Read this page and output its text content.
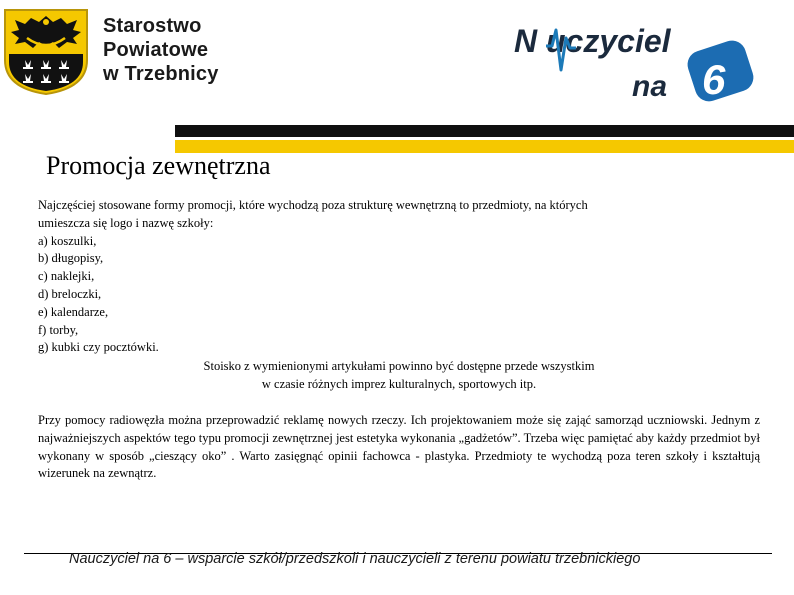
Starostwo
Powiatowe
w Trzebnicy
N uczyciel
na 6
Promocja zewnętrzna
Najczęściej stosowane formy promocji, które wychodzą poza strukturę wewnętrzną to przedmioty, na których
umieszcza się logo i nazwę szkoły:
a) koszulki,
b) długopisy,
c) naklejki,
d) breloczki,
e) kalendarze,
f) torby,
g) kubki czy pocztówki.
Stoisko z wymienionymi artykułami powinno być dostępne przede wszystkim
w czasie różnych imprez kulturalnych, sportowych itp.
Przy pomocy radiowęzła można przeprowadzić reklamę nowych rzeczy. Ich projektowaniem może się zająć samorząd uczniowski. Jednym z najważniejszych aspektów tego typu promocji zewnętrznej jest estetyka wykonania „gadżetów”. Trzeba więc pamiętać aby każdy przedmiot był wykonany w sposób „cieszący oko” . Warto zasięgnąć opinii fachowca - plastyka. Przedmioty te wychodzą poza teren szkoły i kształtują wizerunek na zewnątrz.
Nauczyciel na 6 – wsparcie szkół/przedszkoli i nauczycieli z terenu powiatu trzebnickiego
